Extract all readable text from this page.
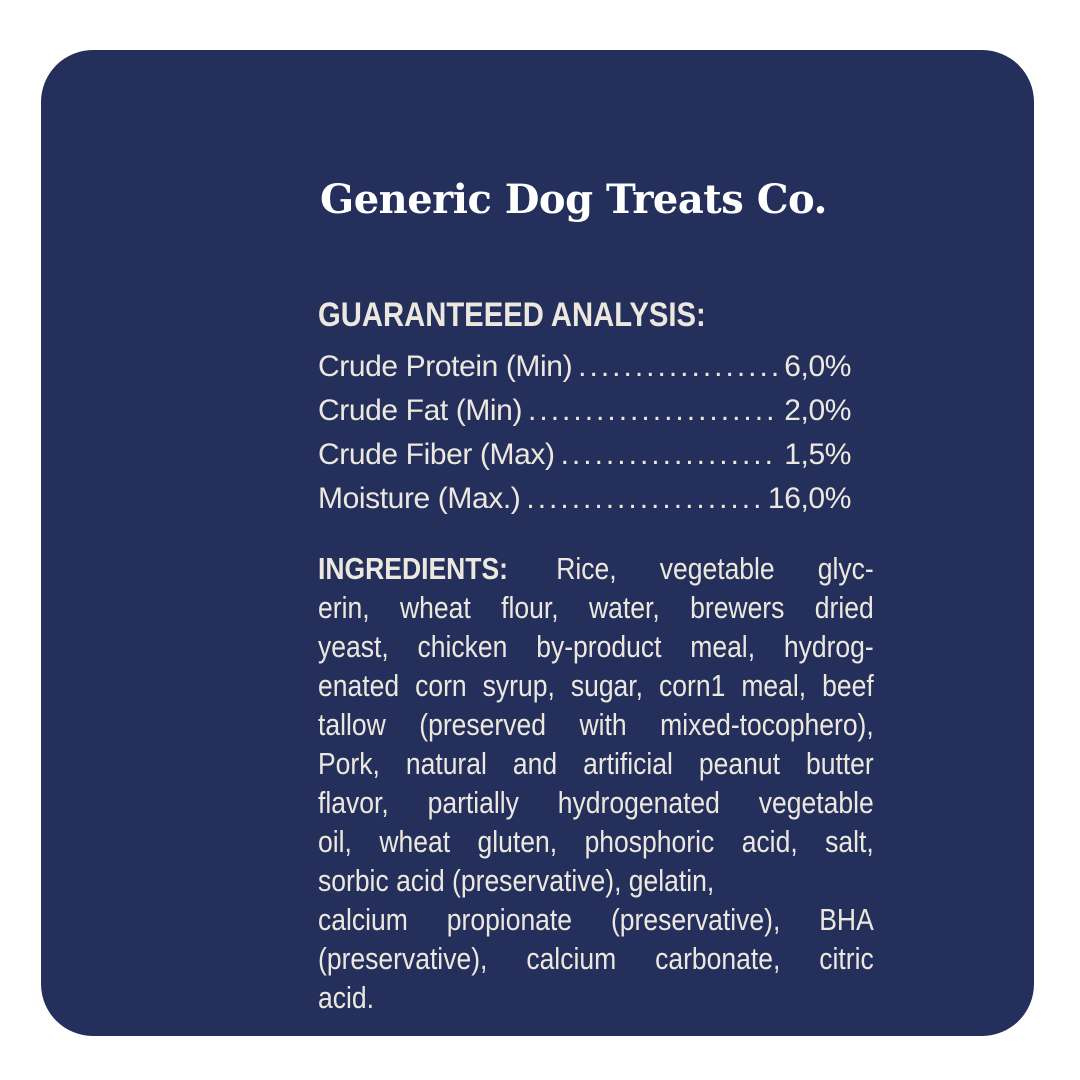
Generic Dog Treats Co.
GUARANTEEED ANALYSIS:
Crude Protein (Min) .....	6,0%
Crude Fat (Min) .....	2,0%
Crude Fiber (Max) .....	1,5%
Moisture (Max.) .....	16,0%
INGREDIENTS: Rice, vegetable glyc-
erin, wheat flour, water, brewers dried
yeast, chicken by-product meal, hydrog-
enated corn syrup, sugar, corn1 meal, beef
tallow (preserved with mixed-tocophero),
Pork, natural and artificial peanut butter
flavor, partially hydrogenated vegetable
oil, wheat gluten, phosphoric acid, salt,
sorbic acid (preservative), gelatin,
calcium propionate (preservative), BHA
(preservative), calcium carbonate, citric
acid.
